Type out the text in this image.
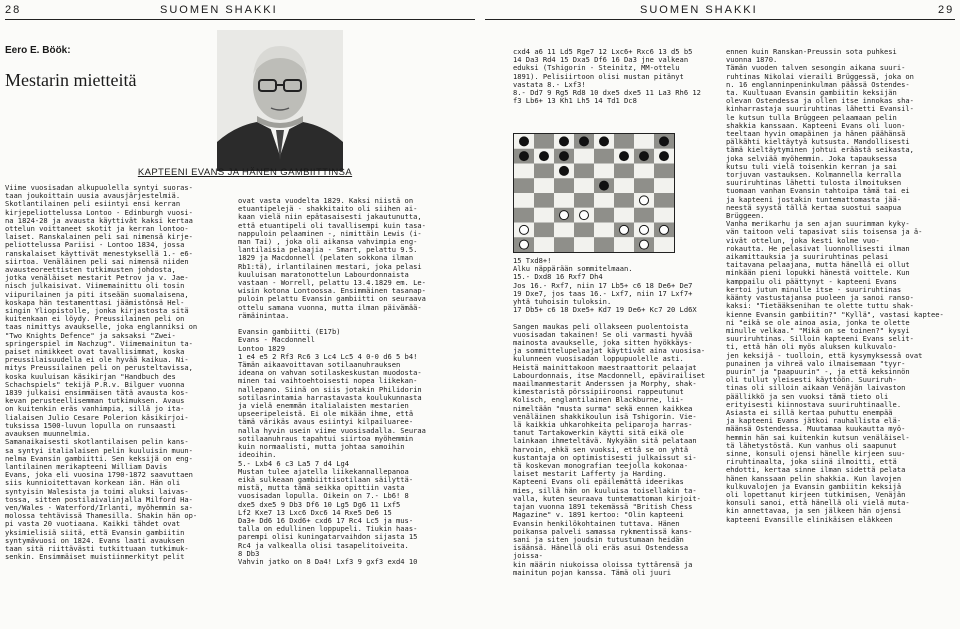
28	SUOMEN SHAKKI
Eero E. Böök:
Mestarin mietteitä
KAPTEENI EVANS JA HÄNEN GAMBIITTINSA

Viime vuosisadan alkupuolella syntyi suoras-

taan joukoittain uusia avausjärjestelmiä.

Skotlantilainen peli esiintyi ensi kerran

kirjepeliottelussa Lontoo - Edinburgh vuosi-

na 1824-28 ja avausta käyttivät kaksi kertaa

ottelun voittaneet skotit ja kerran lontoo-

laiset. Ranskalainen peli sai nimensä kirje-

peliottelussa Pariisi - Lontoo 1834, jossa

ranskalaiset käyttivät menestyksellä 1.- e6-

siirtoa. Venäläinen peli sai nimensä niiden

avausteoreettisten tutkimusten johdosta,

jotka venäläiset mestarit Petrov ja v. Jae-

nisch julkaisivat. Viimemainittu oli tosin

viipurilainen ja piti itseään suomalaisena,

koskapa hän testamenttasi jäämistönsä Hel-

singin Yliopistolle, jonka kirjastosta sitä

kuitenkaan ei löydy. Preussilainen peli on

taas nimittys avaukselle, joka englanniksi on

"Two Knights Defence" ja saksaksi "Zwei-

springerspiel im Nachzug". Viimemainitun ta-

paiset nimikkeet ovat tavallisimmat, koska

preussilaisuudella ei ole hyvää kaikua. Ni-

mitys Preussilainen peli on perusteltavissa,

koska kuuluisan käsikirjan "Handbuch des

Schachspiels" tekijä P.R.v. Bilguer vuonna

1839 julkaisi ensimmäisen tätä avausta kos-

kevan perusteellisemman tutkimuksen. Avaus

on kuitenkin eräs vanhimpia, sillä jo ita-

lialaisen Julio Cesare Polerion käsikirjoi-

tuksissa 1500-luvun lopulla on runsaasti

avauksen muunnelmia.

Samanaikaisesti skotlantilaisen pelin kans-

sa syntyi italialaisen pelin kuuluisin muun-

nelma Evansin gambiitti. Sen keksijä on eng-

lantilainen merikapteeni William Davis

Evans, joka eli vuosina 1790-1872 saavuttaen

siis kunnioitettavan korkean iän. Hän oli

syntyisin Walesista ja toimi aluksi laivas-

tossa, sitten postilaivalinjalla Milford Ha-

ven/Wales - Waterford/Irlanti, myöhemmin sa-

molossa tehtävissä Thamesilla. Shakin hän op-

pi vasta 20 vuotiaana. Kaikki tähdet ovat

yksimielisiä siitä, että Evansin gambiitin

syntymävuosi on 1824. Evans laati avauksen

taan sitä riittävästi tutkittuaan tutkimuk-

senkin. Ensimmäiset muistiinmerkityt pelit

ovat vasta vuodelta 1829. Kaksi niistä on

etuantipelejä - shakkitaito oli siihen ai-

kaan vielä niin epätasaisesti jakautunutta,

että etuantipeli oli tavallisempi kuin tasa-

nappuloin pelaaminen -, nimittäin Lewis (i-

man Tai) , joka oli aikansa vahvimpia eng-

lantilaisia pelaajia - Smart, pelattu 9.5.

1829 ja Macdonnell (pelaten sokkona ilman

Rb1:tä), irlantilainen mestari, joka pelasi

kuuluisan maratonottelun Labourdonnaista

vastaan - Worrell, pelattu 13.4.1829 em. Le-

wisin kotona Lontoossa. Ensimmäinen tasanap-

puloin pelattu Evansin gambiitti on seuraava

ottelu samana vuonna, mutta ilman päivämää-

rämäinintaa.

Evansin gambiitti (E17b)

Evans - Macdonnell

Lontoo 1829

1 e4 e5 2 Rf3 Rc6 3 Lc4 Lc5 4 0-0 d6 5 b4!

Tämän aikaavoittavan sotilaanuhrauksen

ideana on vahvan sotilaskeskustan muodosta-

minen tai vaihtoehtoisesti nopea liikekan-

nallepano. Siinä on siis jotakin Philidorin

sotilasrintamia harrastavasta koulukunnasta

ja vielä enemmän italialaisten mestarien

upseeripeleistä. Ei ole mikään ihme, että

tämä värikäs avaus esiintyi kilpailuaree-

nalla hyvin usein viime vuosisadalla. Seuraa

sotilaanuhraus tapahtui siirtoa myöhemmin

kuin normaalisti, mutta johtaa samoihin

ideoihin.

5.- Lxb4 6 c3 La5 7 d4 Lg4

Mustan tulee ajatella liikekannallepanoa

eikä sulkeaan gambiittisotilaan säilyttä-

mistä, mutta tämä seikka opittiin vasta

vuosisadan lopulla. Oikein on 7.- Lb6! 8

dxe5 dxe5 9 Db3 Df6 10 Lg5 Dg6 11 Lxf5

Lf2 Kxe7 13 Lxc6 Dxc6 14 Rxe5 De6 15

Da3+ Dd6 16 Dxd6+ cxd6 17 Rc4 Lc5 ja mus-

talla on edullinen loppupeli. Tiukin haas-

parempi olisi kuningatarvaihdon sijasta 15

Rc4 ja valkealla olisi tasapelitoiveita.

8 Db3

Vahvin jatko on 8 Da4! Lxf3 9 gxf3 exd4 10

SUOMEN SHAKKI	29

cxd4 a6 11 Ld5 Rge7 12 Lxc6+ Rxc6 13 d5 b5

14 Da3 Rd4 15 Dxa5 Df6 16 Da3 jne valkean

eduksi (Tshigorin - Steinitz, MM-ottelu

1891). Pelisiirtoon olisi mustan pitänyt

vastata 8.- Lxf3!

8.- Dd7 9 Rg5 Rd8 10 dxe5 dxe5 11 La3 Rh6 12

f3 Lb6+ 13 Kh1 Lh5 14 Td1 Dc8

15 Txd8+!

Alku näppärään sommitelmaan.

15.- Dxd8 16 Rxf7 Dh4

Jos 16.- Rxf7, niin 17 Lb5+ c6 18 De6+ De7

19 Dxe7, jos taas 16.- Lxf7, niin 17 Lxf7+

yhtä tuhoisin tuloksin.

17 Db5+ c6 18 Dxe5+ Kd7 19 De6+ Kc7 20 Ld6X

Sangen maukas peli ollakseen puolentoista

vuosisadan takainen! Se oli varmasti hyvää

mainosta avaukselle, joka sitten hyökkäys-

ja sommittelupelaajat käyttivät aina vuosisa-

kulunneen vuosisadan loppupuolelle asti.

Heistä mainittakoon maestraattorit pelaajat

Labourdonnais, itse Macdonnell, epävirailiset

maailmanmestarit Anderssen ja Morphy, shak-

kimestaristä pörssipiiroonsi rappeutunut

Kolisch, englantilainen Blackburne, lii-

nimeltään "musta surma" sekä ennen kaikkea

venäläinen shakkikoulun isä Tshigorin. Vie-

lä kaikkia uhkarohkeita peliparoja harras-

tanut Tartakowerkin käytti sitä eikä ole

lainkaan ihmeteltävä. Nykyään sitä pelataan

harvoin, ehkä sen vuoksi, että se on yhtä

kustantaja on optimistisesti julkaissut si-

tä koskevan monografian teejolla kokonaa-

laiset mestarit Lafferty ja Harding.

Kapteeni Evans oli epäilemättä ideerikas

mies, sillä hän on kuuluisa toisellakin ta-

valla, kuten seuraava tuntemattoman kirjoit-

tajan vuonna 1891 tekemässä "British Chess

Magazine" v. 1891 kertoo: "Olin kapteeni

Evansin henkilökohtainen tuttava. Hänen

poikansa palveli samassa rykmentissä kans-

sani ja siten joudsin tutustumaan heidän

isäänsä. Hänellä oli eräs asui Ostendessa joissa-

kin määrin niukoissa oloissa tyttärensä ja

mainitun pojan kanssa. Tämä oli juuri

ennen kuin Ranskan-Preussin sota puhkesi

vuonna 1870.

Tämän vuoden talven sesongin aikana suuri-

ruhtinas Nikolai vieraili Brüggessä, joka on

n. 16 englanninpeninkulman päässä Ostendes-

ta. Kuultuaan Evansin gambiitin keksijän

olevan Ostendessa ja ollen itse innokas sha-

kinharrastaja suuriruhtinas lähetti Evansil-

le kutsun tulla Brüggeen pelaamaan pelin

shakkia kanssaan. Kapteeni Evans oli luon-

teeltaan hyvin omapäinen ja hänen päähänsä

pälkähti kieltäytyä kutsusta. Mandollisesti

tämä kieltäytyminen johtui eräästä seikasta,

joka selviää myöhemmin. Joka tapauksessa

kutsu tuli vielä toisenkin kerran ja sai

torjuvan vastauksen. Kolmannella kerralla

suuriruhtinas lähetti tulosta ilmoituksen

tuomaan vanhan Evansin tahtoipa tämä tai ei

ja kapteeni jostakin tuntemattomasta jää-

neestä syystä tällä kertaa suostui saapua

Brüggeen.

Vanha merikarhu ja sen ajan suurimman kyky-

vän taitoon veli tapasivat siis toisensa ja ä-

vivät ottelun, joka kesti kolme vuo-

rokautta. He pelasivat luonnollisesti ilman

aikamittauksia ja suuriruhtinas pelasi

taitavana pelaajana, mutta hänellä ei ollut

minkään pieni lopukki hänestä voittele. Kun

kamppailu oli päättynyt - kapteeni Evans

kertoi jutun minulle itse - suuriruhtinas

käänty vastustajansa puoleen ja sanoi ranso-

kaksi: "Tietääksenihan te olette tuttu shak-

kienne Evansin gambiitin?" "Kyllä", vastasi kaptee-

ni "eikä se ole ainoa asia, jonka te olette

minulle velkaa." "Mikä on se toinen?" kysyi

suuriruhtinas. Silloin kapteeni Evans selit-

ti, että hän oli myös aluksen kulkuvalo-

jen keksijä - tuolloin, että kysymyksessä ovat

punainen ja vihreä valo ilmaisemaan "tyyr-

puurin" ja "paapuurin" -, ja että keksinnön

oli tullut yleisesti käyttöön. Suuriruh-

tinas oli silloin aikaan Venäjän laivaston

päällikkö ja sen vuoksi tämä tieto oli

erityisesti kiinnostava suuriruhtinaalle.

Asiasta ei sillä kertaa puhuttu enempää

ja kapteeni Evans jätkoi rauhallista elä-

määnsä Ostendessa. Muutamaa kuukautta myö-

hemmin hän sai kuitenkin kutsun venäläisel-

tä lähetystöstä. Kun vanhus oli saapunut

sinne, konsuli ojensi hänelle kirjeen suu-

riruhtinaalta, joka siinä ilmoitti, että

ehdotti, kertaa sinne ilman sidettä pelata

hänen kanssaan pelin shakkia. Kun lavojen

kulkuvalojen ja Evansin gambiitin keksijä

oli lopettanut kirjeen tutkimisen, Venäjän

konsuli sanoi, että hänellä oli vielä muta-

kin annettavaa, ja sen jälkeen hän ojensi

kapteeni Evansille elinikäisen eläkkeen
